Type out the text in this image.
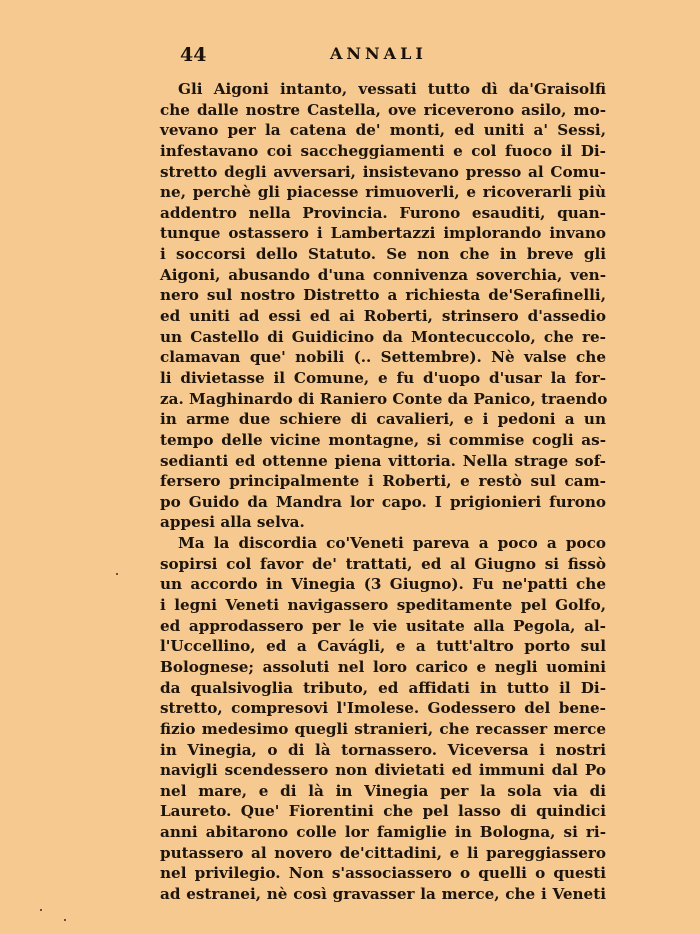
44	ANNALI
Gli Aigoni intanto, vessati tutto dì da'Graisolfi
che dalle nostre Castella, ove riceverono asilo, mo-
vevano per la catena de' monti, ed uniti a' Sessi,
infestavano coi saccheggiamenti e col fuoco il Di-
stretto degli avversari, insistevano presso al Comu-
ne, perchè gli piacesse rimuoverli, e ricoverarli più
addentro nella Provincia. Furono esauditi, quan-
tunque ostassero i Lambertazzi implorando invano
i soccorsi dello Statuto. Se non che in breve gli
Aigoni, abusando d'una connivenza soverchia, ven-
nero sul nostro Distretto a richiesta de'Serafinelli,
ed uniti ad essi ed ai Roberti, strinsero d'assedio
un Castello di Guidicino da Montecuccolo, che re-
clamavan que' nobili (.. Settembre). Nè valse che
li divietasse il Comune, e fu d'uopo d'usar la for-
za. Maghinardo di Raniero Conte da Panico, traendo
in arme due schiere di cavalieri, e i pedoni a un
tempo delle vicine montagne, si commise cogli as-
sedianti ed ottenne piena vittoria. Nella strage sof-
fersero principalmente i Roberti, e restò sul cam-
po Guido da Mandra lor capo. I prigionieri furono
appesi alla selva.
Ma la discordia co'Veneti pareva a poco a poco
sopirsi col favor de' trattati, ed al Giugno si fissò
un accordo in Vinegia (3 Giugno). Fu ne'patti che
i legni Veneti navigassero speditamente pel Golfo,
ed approdassero per le vie usitate alla Pegola, al-
l'Uccellino, ed a Cavágli, e a tutt'altro porto sul
Bolognese; assoluti nel loro carico e negli uomini
da qualsivoglia tributo, ed affidati in tutto il Di-
stretto, compresovi l'Imolese. Godessero del bene-
fizio medesimo quegli stranieri, che recasser merce
in Vinegia, o di là tornassero. Viceversa i nostri
navigli scendessero non divietati ed immuni dal Po
nel mare, e di là in Vinegia per la sola via di
Laureto. Que' Fiorentini che pel lasso di quindici
anni abitarono colle lor famiglie in Bologna, si ri-
putassero al novero de'cittadini, e li pareggiassero
nel privilegio. Non s'associassero o quelli o questi
ad estranei, nè così gravasser la merce, che i Veneti
